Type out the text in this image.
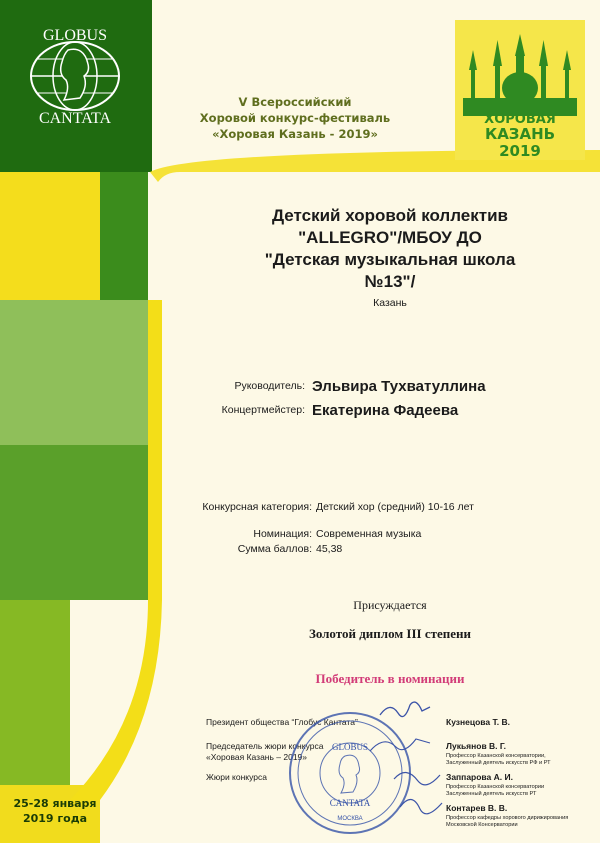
GLOBUS
CANTATA
V Всероссийский
Хоровой конкурс-фестиваль
«Хоровая Казань - 2019»
ХОРОВАЯ
КАЗАНЬ
2019
Детский хоровой коллектив
"ALLEGRO"/МБОУ ДО
"Детская музыкальная школа
№13"/
Казань
Руководитель: Эльвира Тухватуллина
Концертмейстер: Екатерина Фадеева
Конкурсная категория: Детский хор (средний) 10-16 лет
Номинация: Современная музыка
Сумма баллов: 45,38
Присуждается
Золотой диплом III степени
Победитель в номинации
Президент общества “Глобус Кантата”
Председатель жюри конкурса
«Хоровая Казань – 2019»
Жюри конкурса
Кузнецова Т. В.
Лукьянов В. Г.
Профессор Казанской консерватории,
Заслуженный деятель искусств РФ и РТ
Заппарова А. И.
Профессор Казанской консерватории
Заслуженный деятель искусств РТ
Контарев В. В.
Профессор кафедры хорового дирижирования
Московской Консерватории
GLOBUS
CANTATA
МОСКВА
25-28 января
2019 года
